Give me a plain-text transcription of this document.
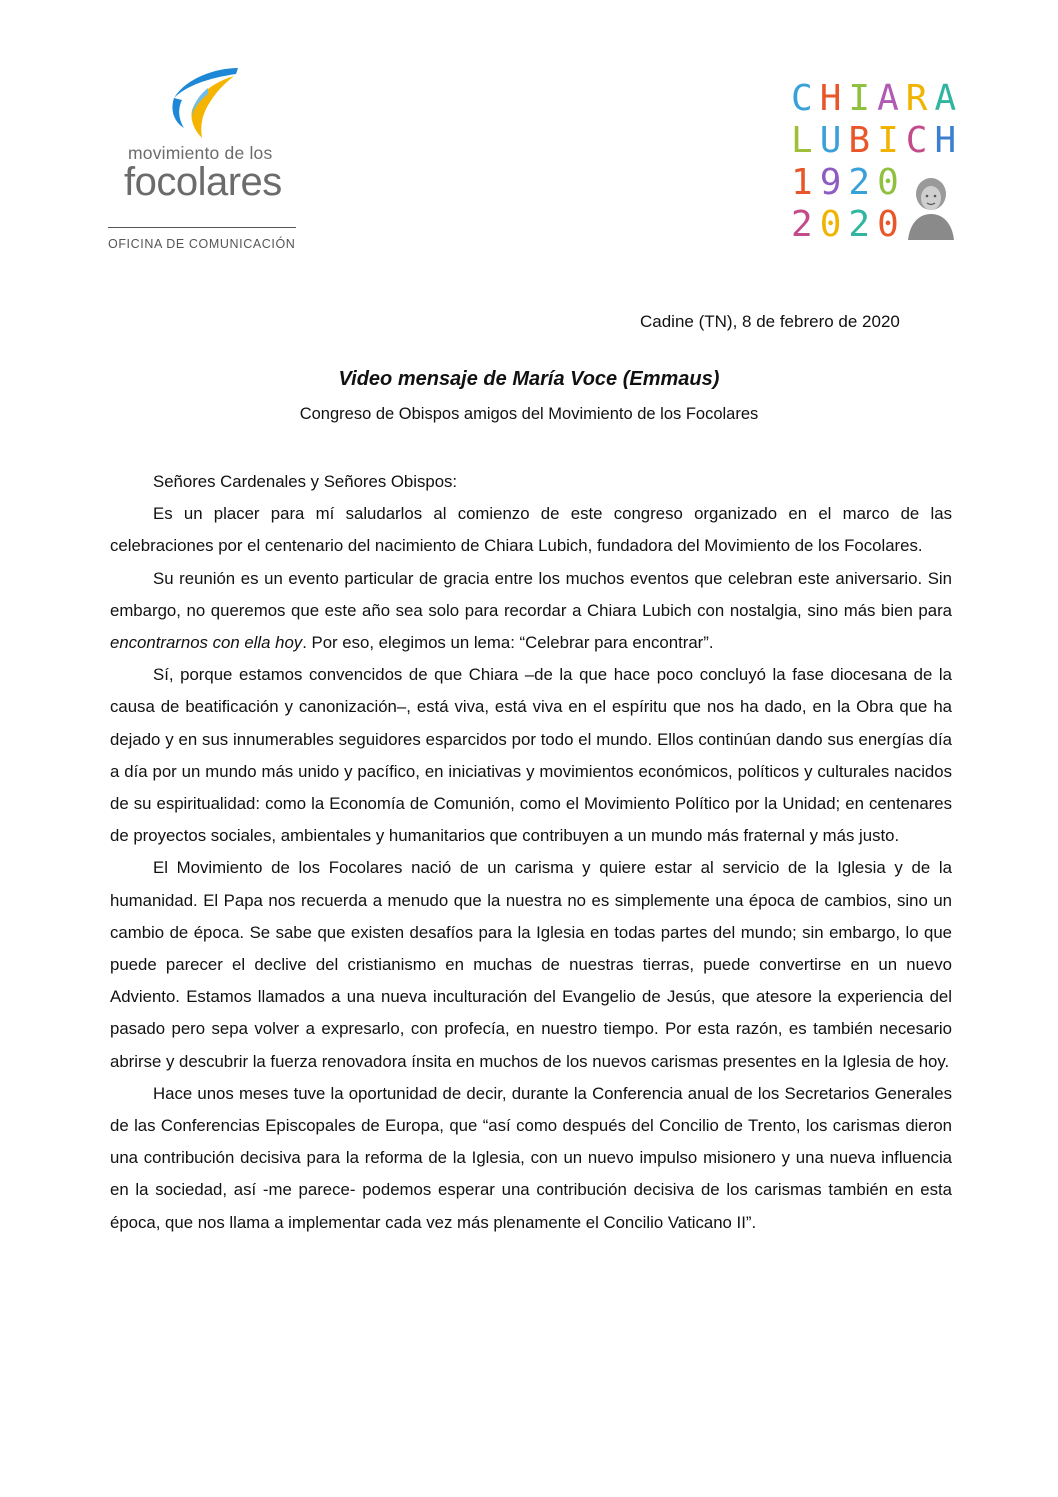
movimiento de los
focolares
OFICINA DE COMUNICACIÓN
CHIARA
LUBICH
1920
2020
Cadine (TN), 8 de febrero de 2020
Video mensaje de María Voce (Emmaus)
Congreso de Obispos amigos del Movimiento de los Focolares

Señores Cardenales y Señores Obispos:

Es un placer para mí saludarlos al comienzo de este congreso organizado en el marco de las celebraciones por el centenario del nacimiento de Chiara Lubich, fundadora del Movimiento de los Focolares.

Su reunión es un evento particular de gracia entre los muchos eventos que celebran este aniversario. Sin embargo, no queremos que este año sea solo para recordar a Chiara Lubich con nostalgia, sino más bien para encontrarnos con ella hoy. Por eso, elegimos un lema: “Celebrar para encontrar”.

Sí, porque estamos convencidos de que Chiara –de la que hace poco concluyó la fase diocesana de la causa de beatificación y canonización–, está viva, está viva en el espíritu que nos ha dado, en la Obra que ha dejado y en sus innumerables seguidores esparcidos por todo el mundo. Ellos continúan dando sus energías día a día por un mundo más unido y pacífico, en iniciativas y movimientos económicos, políticos y culturales nacidos de su espiritualidad: como la Economía de Comunión, como el Movimiento Político por la Unidad; en centenares de proyectos sociales, ambientales y humanitarios que contribuyen a un mundo más fraternal y más justo.

El Movimiento de los Focolares nació de un carisma y quiere estar al servicio de la Iglesia y de la humanidad. El Papa nos recuerda a menudo que la nuestra no es simplemente una época de cambios, sino un cambio de época. Se sabe que existen desafíos para la Iglesia en todas partes del mundo; sin embargo, lo que puede parecer el declive del cristianismo en muchas de nuestras tierras, puede convertirse en un nuevo Adviento. Estamos llamados a una nueva inculturación del Evangelio de Jesús, que atesore la experiencia del pasado pero sepa volver a expresarlo, con profecía, en nuestro tiempo. Por esta razón, es también necesario abrirse y descubrir la fuerza renovadora ínsita en muchos de los nuevos carismas presentes en la Iglesia de hoy.

Hace unos meses tuve la oportunidad de decir, durante la Conferencia anual de los Secretarios Generales de las Conferencias Episcopales de Europa, que “así como después del Concilio de Trento, los carismas dieron una contribución decisiva para la reforma de la Iglesia, con un nuevo impulso misionero y una nueva influencia en la sociedad, así -me parece- podemos esperar una contribución decisiva de los carismas también en esta época, que nos llama a implementar cada vez más plenamente el Concilio Vaticano II”.
